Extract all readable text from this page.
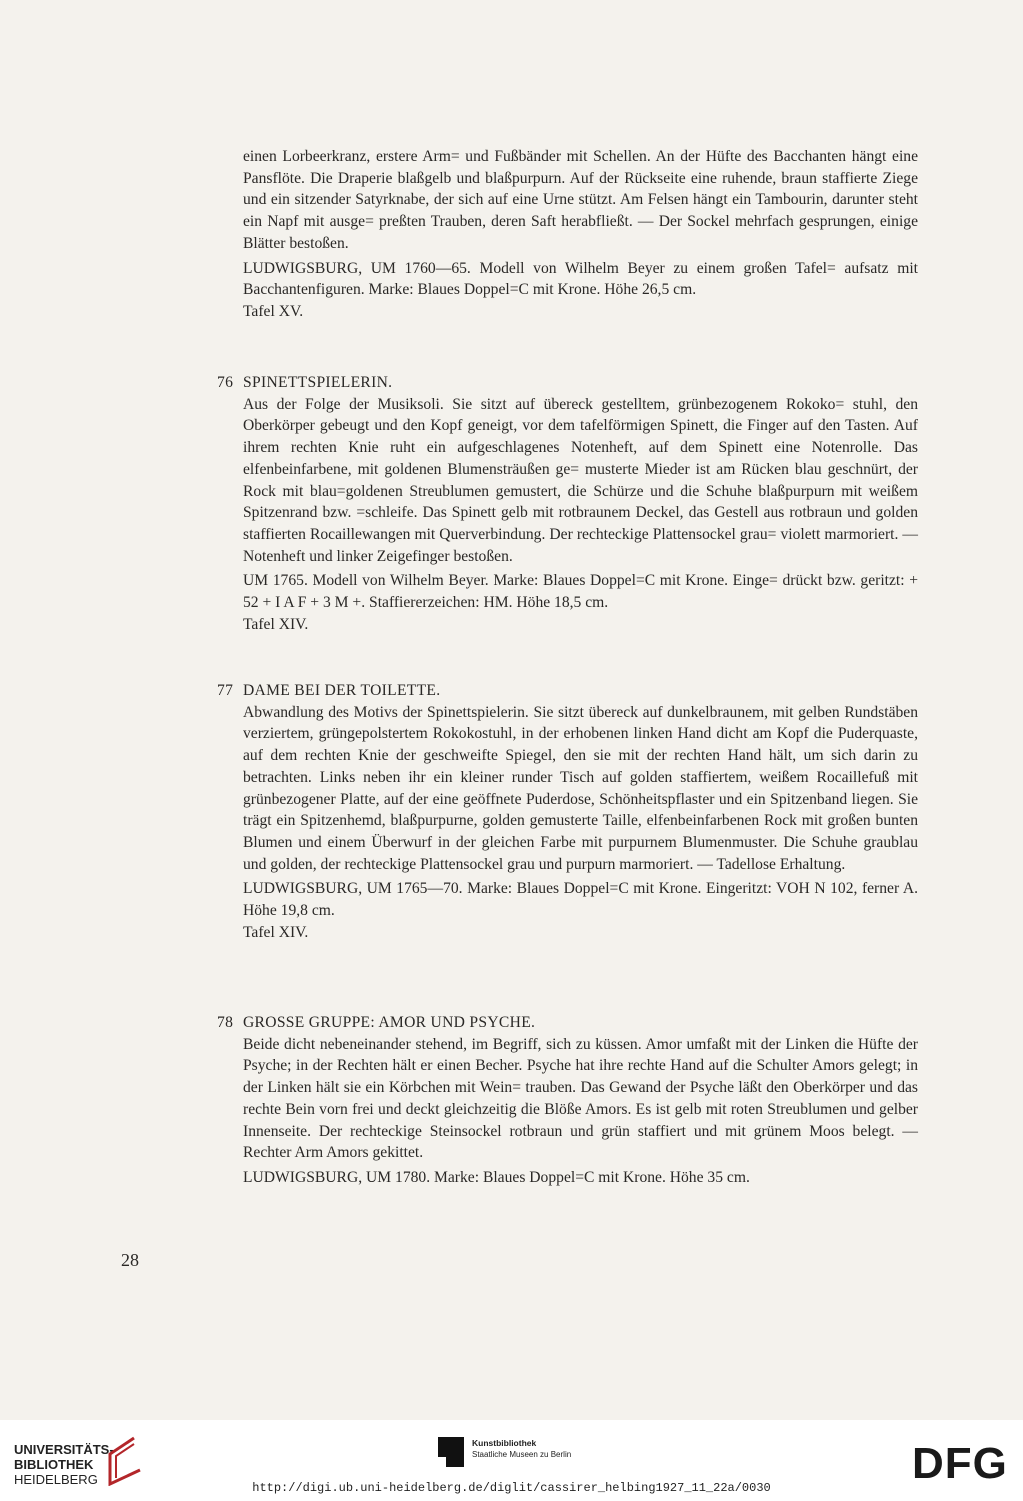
einen Lorbeerkranz, erstere Arm= und Fußbänder mit Schellen. An der Hüfte des Bacchanten hängt eine Pansflöte. Die Draperie blaßgelb und blaßpurpurn. Auf der Rückseite eine ruhende, braun staffierte Ziege und ein sitzender Satyrknabe, der sich auf eine Urne stützt. Am Felsen hängt ein Tambourin, darunter steht ein Napf mit ausge= preßten Trauben, deren Saft herabfließt. — Der Sockel mehrfach gesprungen, einige Blätter bestoßen.

LUDWIGSBURG, UM 1760—65. Modell von Wilhelm Beyer zu einem großen Tafel= aufsatz mit Bacchantenfiguren. Marke: Blaues Doppel=C mit Krone. Höhe 26,5 cm.

Tafel XV.

76 SPINETTSPIELERIN.

Aus der Folge der Musiksoli. Sie sitzt auf übereck gestelltem, grünbezogenem Rokoko= stuhl, den Oberkörper gebeugt und den Kopf geneigt, vor dem tafelförmigen Spinett, die Finger auf den Tasten. Auf ihrem rechten Knie ruht ein aufgeschlagenes Notenheft, auf dem Spinett eine Notenrolle. Das elfenbeinfarbene, mit goldenen Blumensträußen ge= musterte Mieder ist am Rücken blau geschnürt, der Rock mit blau=goldenen Streublumen gemustert, die Schürze und die Schuhe blaßpurpurn mit weißem Spitzenrand bzw. =schleife. Das Spinett gelb mit rotbraunem Deckel, das Gestell aus rotbraun und golden staffierten Rocaillewangen mit Querverbindung. Der rechteckige Plattensockel grau= violett marmoriert. — Notenheft und linker Zeigefinger bestoßen.

UM 1765. Modell von Wilhelm Beyer. Marke: Blaues Doppel=C mit Krone. Einge= drückt bzw. geritzt: + 52 + I A F + 3 M +. Staffiererzeichen: HM. Höhe 18,5 cm.

Tafel XIV.

77 DAME BEI DER TOILETTE.

Abwandlung des Motivs der Spinettspielerin. Sie sitzt übereck auf dunkelbraunem, mit gelben Rundstäben verziertem, grüngepolstertem Rokokostuhl, in der erhobenen linken Hand dicht am Kopf die Puderquaste, auf dem rechten Knie der geschweifte Spiegel, den sie mit der rechten Hand hält, um sich darin zu betrachten. Links neben ihr ein kleiner runder Tisch auf golden staffiertem, weißem Rocaillefuß mit grünbezogener Platte, auf der eine geöffnete Puderdose, Schönheitspflaster und ein Spitzenband liegen. Sie trägt ein Spitzenhemd, blaßpurpurne, golden gemusterte Taille, elfenbeinfarbenen Rock mit großen bunten Blumen und einem Überwurf in der gleichen Farbe mit purpurnem Blumenmuster. Die Schuhe graublau und golden, der rechteckige Plattensockel grau und purpurn marmoriert. — Tadellose Erhaltung.

LUDWIGSBURG, UM 1765—70. Marke: Blaues Doppel=C mit Krone. Eingeritzt: VOH N 102, ferner A. Höhe 19,8 cm.

Tafel XIV.

78 GROSSE GRUPPE: AMOR UND PSYCHE.

Beide dicht nebeneinander stehend, im Begriff, sich zu küssen. Amor umfaßt mit der Linken die Hüfte der Psyche; in der Rechten hält er einen Becher. Psyche hat ihre rechte Hand auf die Schulter Amors gelegt; in der Linken hält sie ein Körbchen mit Wein= trauben. Das Gewand der Psyche läßt den Oberkörper und das rechte Bein vorn frei und deckt gleichzeitig die Blöße Amors. Es ist gelb mit roten Streublumen und gelber Innenseite. Der rechteckige Steinsockel rotbraun und grün staffiert und mit grünem Moos belegt. — Rechter Arm Amors gekittet.

LUDWIGSBURG, UM 1780. Marke: Blaues Doppel=C mit Krone. Höhe 35 cm.

28
UNIVERSITÄTS-
BIBLIOTHEK
HEIDELBERG
Kunstbibliothek
Staatliche Museen zu Berlin	DFG
http://digi.ub.uni-heidelberg.de/diglit/cassirer_helbing1927_11_22a/0030
